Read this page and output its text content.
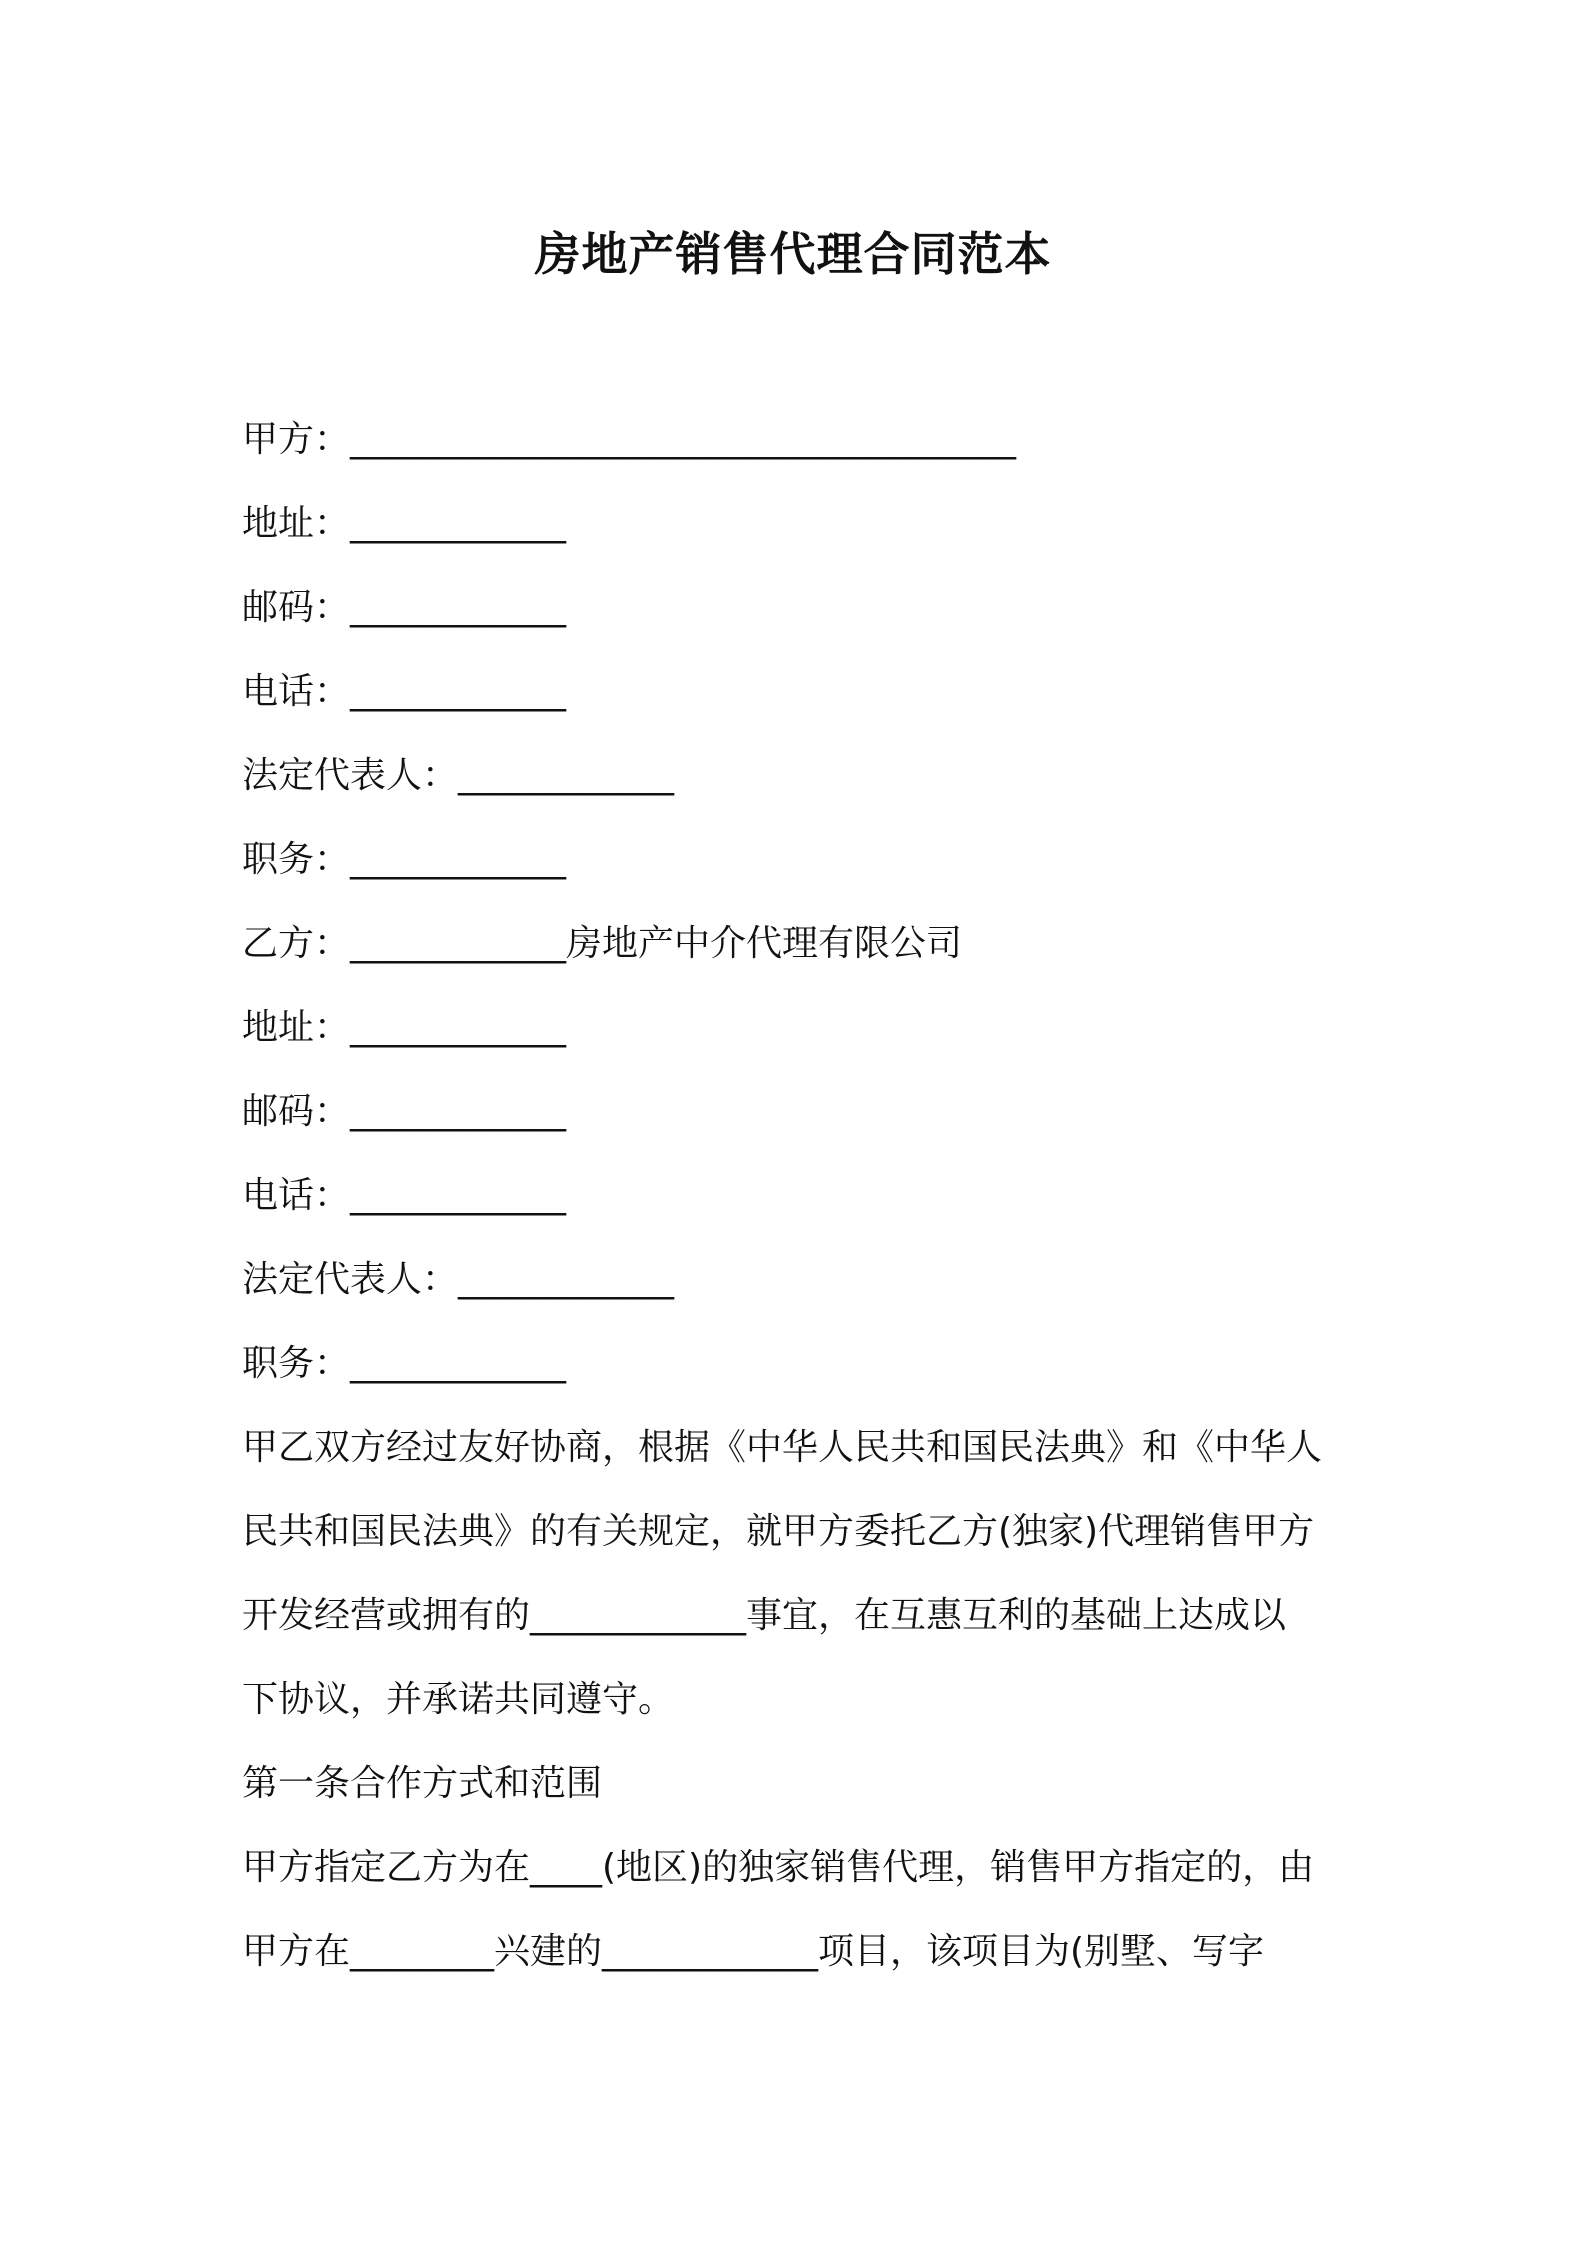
房地产销售代理合同范本
甲方：_____________________________________
地址：____________
邮码：____________
电话：____________
法定代表人：____________
职务：____________
乙方：____________房地产中介代理有限公司
地址：____________
邮码：____________
电话：____________
法定代表人：____________
职务：____________
甲乙双方经过友好协商，根据《中华人民共和国民法典》和《中华人
民共和国民法典》的有关规定，就甲方委托乙方(独家)代理销售甲方
开发经营或拥有的____________事宜，在互惠互利的基础上达成以
下协议，并承诺共同遵守。
第一条合作方式和范围
甲方指定乙方为在____(地区)的独家销售代理，销售甲方指定的，由
甲方在________兴建的____________项目，该项目为(别墅、写字
